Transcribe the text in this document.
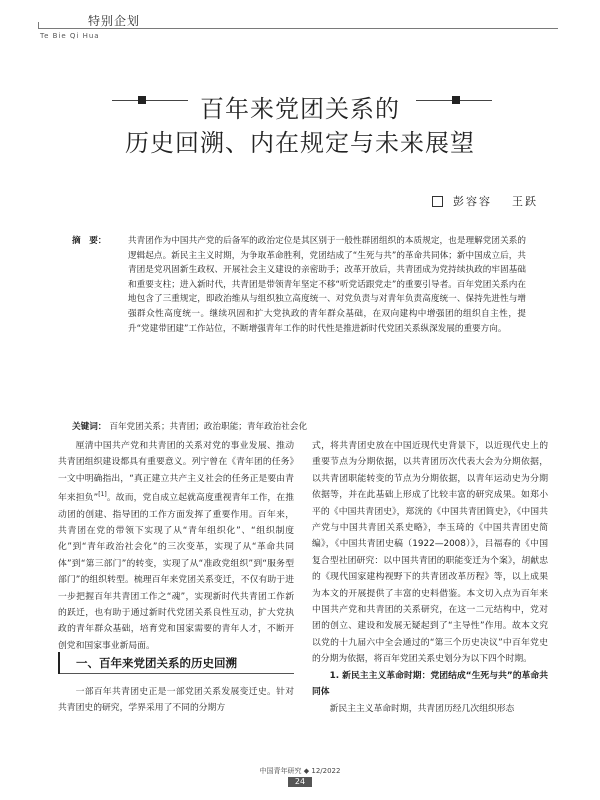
特别企划
Te Bie Qi Hua
百年来党团关系的
历史回溯、内在规定与未来展望
彭容容 王跃
摘　要：	共青团作为中国共产党的后备军的政治定位是其区别于一般性群团组织的本质规定，也是理解党团关系的逻辑起点。新民主主义时期，为争取革命胜利，党团结成了“生死与共”的革命共同体；新中国成立后，共青团是党巩固新生政权、开展社会主义建设的亲密助手；改革开放后，共青团成为党持续执政的牢固基础和重要支柱；进入新时代，共青团是带领青年坚定不移“听党话跟党走”的重要引导者。百年党团关系内在地包含了三重规定，即政治维从与组织独立高度统一、对党负责与对青年负责高度统一、保持先进性与增强群众性高度统一。继续巩固和扩大党执政的青年群众基础，在双向建构中增强团的组织自主性，提升“党建带团建”工作站位，不断增强青年工作的时代性是推进新时代党团关系纵深发展的重要方向。
关键词： 百年党团关系；共青团；政治职能；青年政治社会化

厘清中国共产党和共青团的关系对党的事业发展、推动共青团组织建设都具有重要意义。列宁曾在《青年团的任务》一文中明确指出，“真正建立共产主义社会的任务正是要由青年来担负”[1]。故而，党自成立起就高度重视青年工作，在推动团的创建、指导团的工作方面发挥了重要作用。百年来，共青团在党的带领下实现了从“青年组织化”、“组织制度化”到“青年政治社会化”的三次变革，实现了从“革命共同体”到“第三部门”的转变，实现了从“准政党组织”到“服务型部门”的组织转型。梳理百年来党团关系变迁，不仅有助于进一步把握百年共青团工作之“魂”，实现新时代共青团工作新的跃迁，也有助于通过新时代党团关系良性互动，扩大党执政的青年群众基础，培育党和国家需要的青年人才，不断开创党和国家事业新局面。

一、百年来党团关系的历史回溯

一部百年共青团史正是一部党团关系发展变迁史。针对共青团史的研究，学界采用了不同的分期方

式，将共青团史放在中国近现代史背景下，以近现代史上的重要节点为分期依据，以共青团历次代表大会为分期依据，以共青团职能转变的节点为分期依据，以青年运动史为分期依据等，并在此基础上形成了比较丰富的研究成果。如郑小平的《中国共青团史》，郑洸的《中国共青团简史》，《中国共产党与中国共青团关系史略》，李玉琦的《中国共青团史简编》，《中国共青团史稿（1922—2008）》，吕福春的《中国复合型社团研究：以中国共青团的职能变迁为个案》，胡献忠的《现代国家建构视野下的共青团改革历程》等，以上成果为本文的开展提供了丰富的史料借鉴。本文切入点为百年来中国共产党和共青团的关系研究，在这一二元结构中，党对团的创立、建设和发展无疑起到了“主导性”作用。故本文究以党的十九届六中全会通过的“第三个历史决议”中百年党史的分期为依据，将百年党团关系史划分为以下四个时期。

1. 新民主主义革命时期：党团结成“生死与共”的革命共同体

新民主主义革命时期，共青团历经几次组织形态

中国青年研究 ◆ 12/2022
24
